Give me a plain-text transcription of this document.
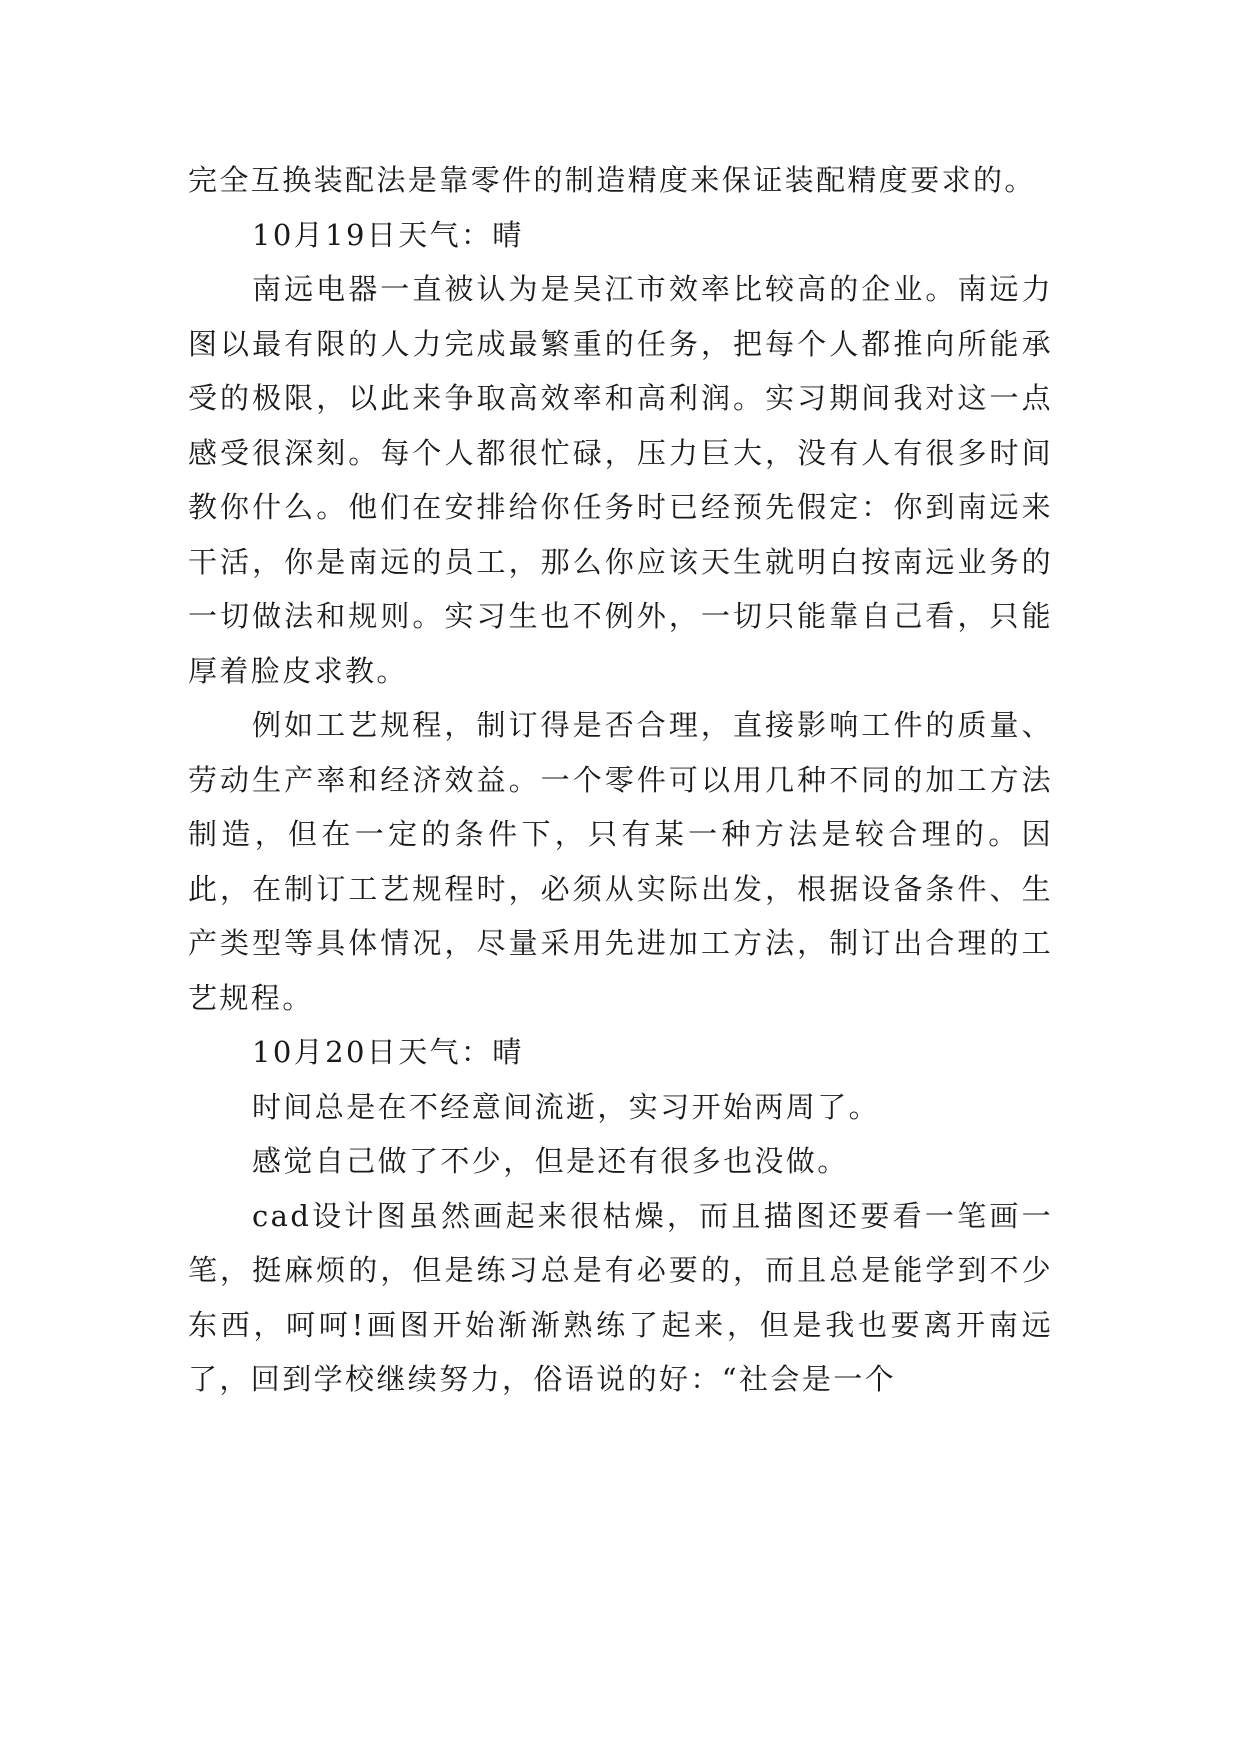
完全互换装配法是靠零件的制造精度来保证装配精度要求的。

10月19日天气：晴

南远电器一直被认为是吴江市效率比较高的企业。南远力图以最有限的人力完成最繁重的任务，把每个人都推向所能承受的极限，以此来争取高效率和高利润。实习期间我对这一点感受很深刻。每个人都很忙碌，压力巨大，没有人有很多时间教你什么。他们在安排给你任务时已经预先假定：你到南远来干活，你是南远的员工，那么你应该天生就明白按南远业务的一切做法和规则。实习生也不例外，一切只能靠自己看，只能厚着脸皮求教。

例如工艺规程，制订得是否合理，直接影响工件的质量、劳动生产率和经济效益。一个零件可以用几种不同的加工方法制造，但在一定的条件下，只有某一种方法是较合理的。因此，在制订工艺规程时，必须从实际出发，根据设备条件、生产类型等具体情况，尽量采用先进加工方法，制订出合理的工艺规程。

10月20日天气：晴

时间总是在不经意间流逝，实习开始两周了。

感觉自己做了不少，但是还有很多也没做。

cad设计图虽然画起来很枯燥，而且描图还要看一笔画一笔，挺麻烦的，但是练习总是有必要的，而且总是能学到不少东西，呵呵!画图开始渐渐熟练了起来，但是我也要离开南远了，回到学校继续努力，俗语说的好：“社会是一个
